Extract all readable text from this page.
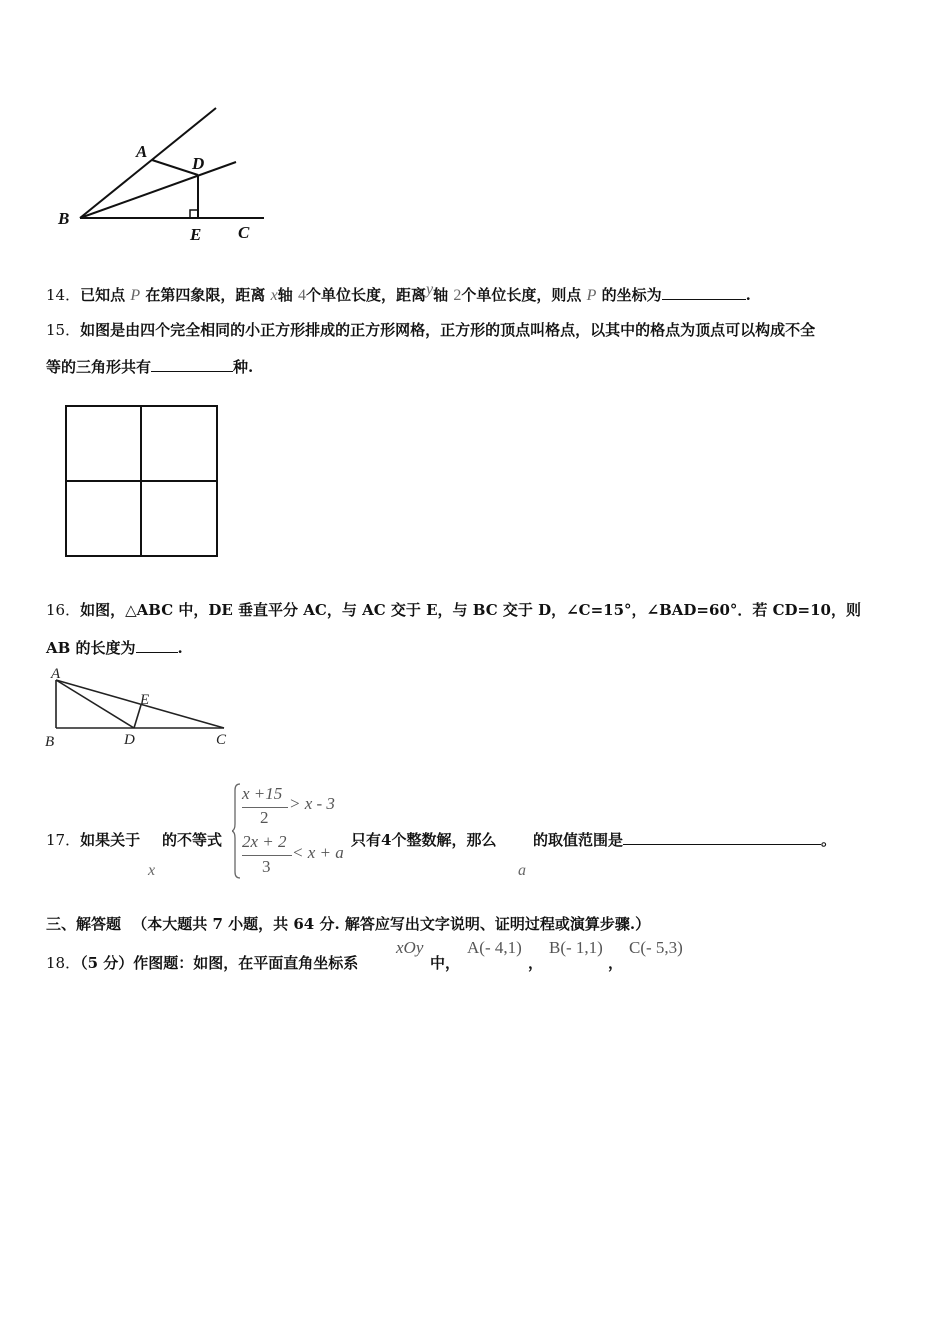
A
D
B
E C
14．已知点 P 在第四象限，距离 x轴 4个单位长度，距离y轴 2个单位长度，则点 P 的坐标为	.
15．如图是由四个完全相同的小正方形排成的正方形网格，正方形的顶点叫格点，以其中的格点为顶点可以构成不全
等的三角形共有	种.
16．如图，△ABC 中，DE 垂直平分 AC，与 AC 交于 E，与 BC 交于 D，∠C=15°，∠BAD=60°．若 CD=10，则
AB 的长度为	.
A
E
B	D	C
17．如果关于 的不等式
x
x +15
2
> x - 3
2x + 2
3
< x + a
只有4个整数解，那么
a
的取值范围是	。
三、解答题 （本大题共 7 小题，共 64 分. 解答应写出文字说明、证明过程或演算步骤.）
18．（5 分）作图题：如图，在平面直角坐标系
xOy
中，
A(- 4,1)
，
B(- 1,1)
，
C(- 5,3)
